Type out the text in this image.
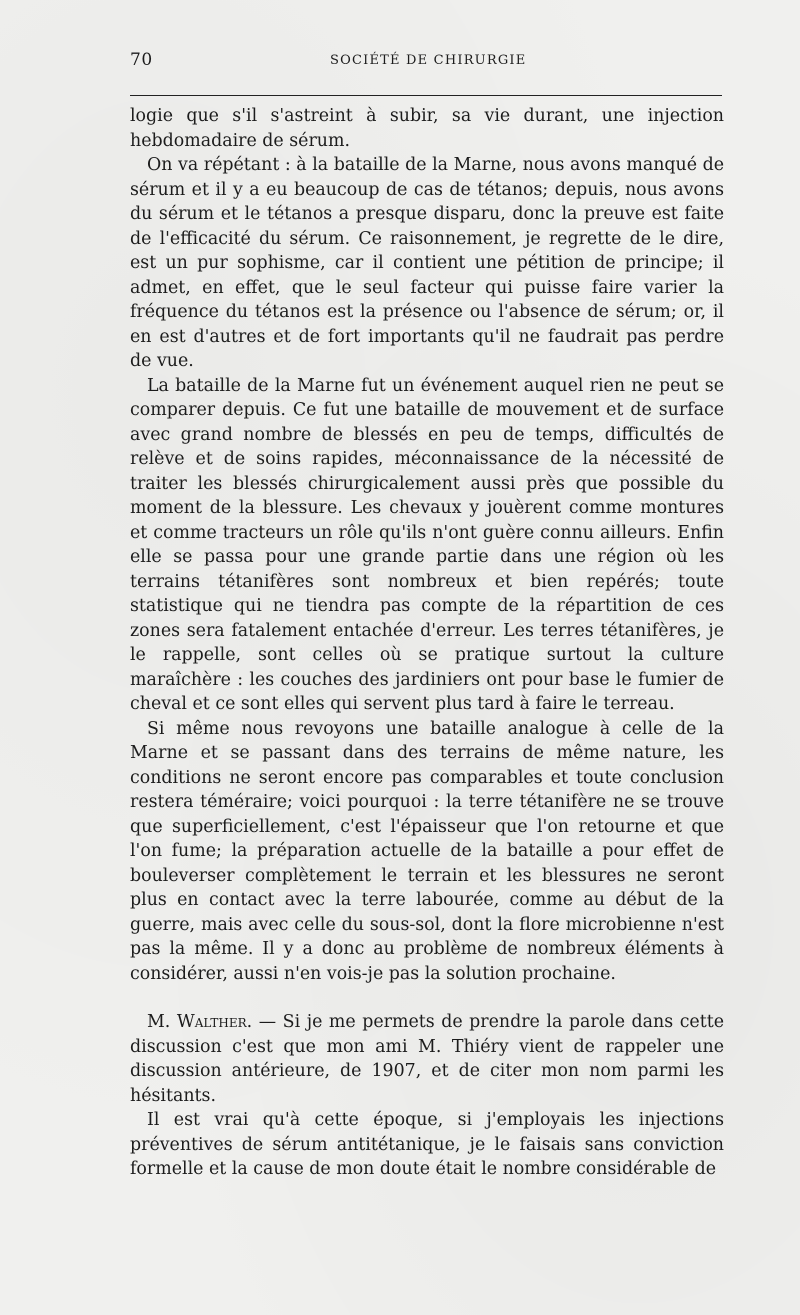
70	SOCIÉTÉ DE CHIRURGIE

logie que s'il s'astreint à subir, sa vie durant, une injection hebdomadaire de sérum.

On va répétant : à la bataille de la Marne, nous avons manqué de sérum et il y a eu beaucoup de cas de tétanos; depuis, nous avons du sérum et le tétanos a presque disparu, donc la preuve est faite de l'efficacité du sérum. Ce raisonnement, je regrette de le dire, est un pur sophisme, car il contient une pétition de principe; il admet, en effet, que le seul facteur qui puisse faire varier la fréquence du tétanos est la présence ou l'absence de sérum; or, il en est d'autres et de fort importants qu'il ne faudrait pas perdre de vue.

La bataille de la Marne fut un événement auquel rien ne peut se comparer depuis. Ce fut une bataille de mouvement et de surface avec grand nombre de blessés en peu de temps, difficultés de relève et de soins rapides, méconnaissance de la nécessité de traiter les blessés chirurgicalement aussi près que possible du moment de la blessure. Les chevaux y jouèrent comme montures et comme tracteurs un rôle qu'ils n'ont guère connu ailleurs. Enfin elle se passa pour une grande partie dans une région où les terrains tétanifères sont nombreux et bien repérés; toute statistique qui ne tiendra pas compte de la répartition de ces zones sera fatalement entachée d'erreur. Les terres tétanifères, je le rappelle, sont celles où se pratique surtout la culture maraîchère : les couches des jardiniers ont pour base le fumier de cheval et ce sont elles qui servent plus tard à faire le terreau.

Si même nous revoyons une bataille analogue à celle de la Marne et se passant dans des terrains de même nature, les conditions ne seront encore pas comparables et toute conclusion restera téméraire; voici pourquoi : la terre tétanifère ne se trouve que superficiellement, c'est l'épaisseur que l'on retourne et que l'on fume; la préparation actuelle de la bataille a pour effet de bouleverser complètement le terrain et les blessures ne seront plus en contact avec la terre labourée, comme au début de la guerre, mais avec celle du sous-sol, dont la flore microbienne n'est pas la même. Il y a donc au problème de nombreux éléments à considérer, aussi n'en vois-je pas la solution prochaine.

M. Walther. — Si je me permets de prendre la parole dans cette discussion c'est que mon ami M. Thiéry vient de rappeler une discussion antérieure, de 1907, et de citer mon nom parmi les hésitants.

Il est vrai qu'à cette époque, si j'employais les injections préventives de sérum antitétanique, je le faisais sans conviction formelle et la cause de mon doute était le nombre considérable de
